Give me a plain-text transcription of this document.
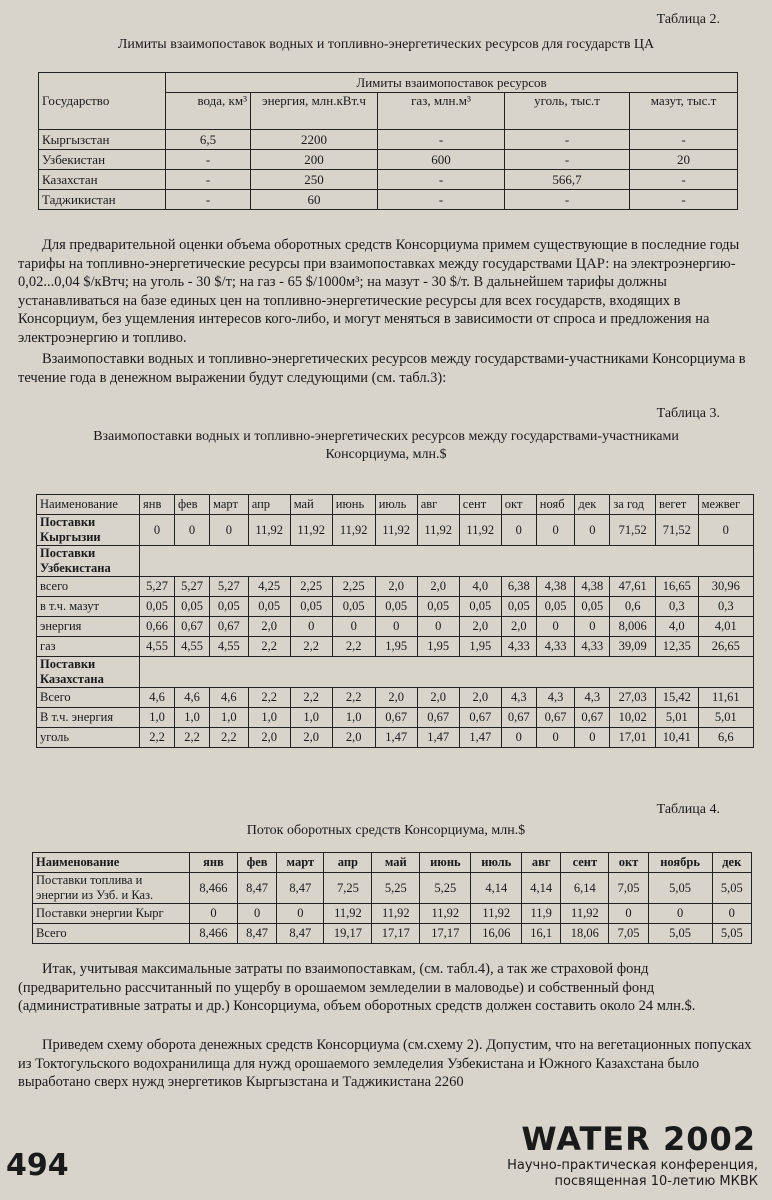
Таблица 2.
Лимиты взаимопоставок водных и топливно-энергетических ресурсов для государств ЦА
	Лимиты взаимопоставок ресурсов				
Государство	вода, км³	энергия, млн.кВт.ч	газ, млн.м³	уголь, тыс.т	мазут, тыс.т
Кыргызстан	6,5	2200	-	-	-
Узбекистан	-	200	600	-	20
Казахстан	-	250	-	566,7	-
Таджикистан	-	60	-	-	-
Для предварительной оценки объема оборотных средств Консорциума примем существующие в последние годы тарифы на топливно-энергетические ресурсы при взаимопоставках между государствами ЦАР: на электроэнергию- 0,02...0,04 $/кВтч; на уголь - 30 $/т; на газ - 65 $/1000м³; на мазут - 30 $/т. В дальнейшем тарифы должны устанавливаться на базе единых цен на топливно-энергетические ресурсы для всех государств, входящих в Консорциум, без ущемления интересов кого-либо, и могут меняться в зависимости от спроса и предложения на электроэнергию и топливо.
Взаимопоставки водных и топливно-энергетических ресурсов между государствами-участниками Консорциума в течение года в денежном выражении будут следующими (см. табл.3):
Таблица 3.
Взаимопоставки водных и топливно-энергетических ресурсов между государствами-участниками
Консорциума, млн.$
Наименование	янв	фев	март	апр	май	июнь	июль	авг	сент	окт	нояб	дек	за год	вегет	межвег
Поставки Кыргызии	0	0	0	11,92	11,92	11,92	11,92	11,92	11,92	0	0	0	71,52	71,52	0
Поставки Узбекистана															
всего	5,27	5,27	5,27	4,25	2,25	2,25	2,0	2,0	4,0	6,38	4,38	4,38	47,61	16,65	30,96
в т.ч. мазут	0,05	0,05	0,05	0,05	0,05	0,05	0,05	0,05	0,05	0,05	0,05	0,05	0,6	0,3	0,3
энергия	0,66	0,67	0,67	2,0	0	0	0	0	2,0	2,0	0	0	8,006	4,0	4,01
газ	4,55	4,55	4,55	2,2	2,2	2,2	1,95	1,95	1,95	4,33	4,33	4,33	39,09	12,35	26,65
Поставки Казахстана															
Всего	4,6	4,6	4,6	2,2	2,2	2,2	2,0	2,0	2,0	4,3	4,3	4,3	27,03	15,42	11,61
В т.ч. энергия	1,0	1,0	1,0	1,0	1,0	1,0	0,67	0,67	0,67	0,67	0,67	0,67	10,02	5,01	5,01
уголь	2,2	2,2	2,2	2,0	2,0	2,0	1,47	1,47	1,47	0	0	0	17,01	10,41	6,6
Таблица 4.
Поток оборотных средств Консорциума, млн.$
Наименование	янв	фев	март	апр	май	июнь	июль	авг	сент	окт	ноябрь	дек
Поставки топлива и энергии из Узб. и Каз.	8,466	8,47	8,47	7,25	5,25	5,25	4,14	4,14	6,14	7,05	5,05	5,05
Поставки энергии Кырг	0	0	0	11,92	11,92	11,92	11,92	11,9	11,92	0	0	0
Всего	8,466	8,47	8,47	19,17	17,17	17,17	16,06	16,1	18,06	7,05	5,05	5,05
Итак, учитывая максимальные затраты по взаимопоставкам, (см. табл.4), а так же страховой фонд (предварительно рассчитанный по ущербу в орошаемом земледелии в маловодье) и собственный фонд (административные затраты и др.) Консорциума, объем оборотных средств должен составить около 24 млн.$.
Приведем схему оборота денежных средств Консорциума (см.схему 2). Допустим, что на вегетационных попусках из Токтогульского водохранилища для нужд орошаемого земледелия Узбекистана и Южного Казахстана было выработано сверх нужд энергетиков Кыргызстана и Таджикистана 2260
494
WATER 2002
Научно-практическая конференция,
посвященная 10-летию МКВК
